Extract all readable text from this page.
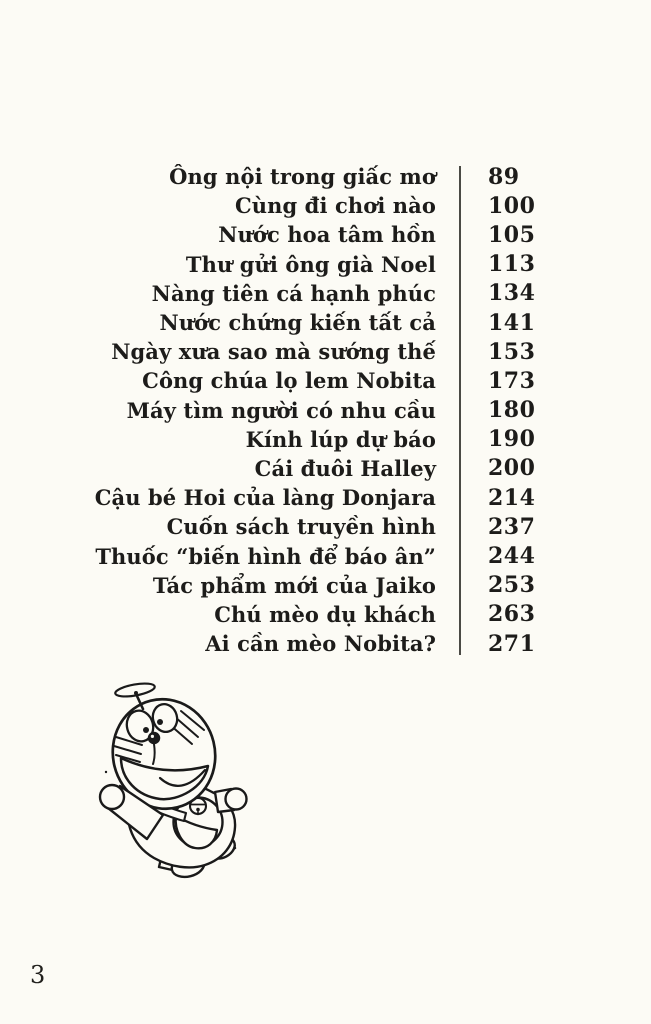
Ông nội trong giấc mơ 89
Cùng đi chơi nào 100
Nước hoa tâm hồn 105
Thư gửi ông già Noel 113
Nàng tiên cá hạnh phúc 134
Nước chứng kiến tất cả 141
Ngày xưa sao mà sướng thế 153
Công chúa lọ lem Nobita 173
Máy tìm người có nhu cầu 180
Kính lúp dự báo 190
Cái đuôi Halley 200
Cậu bé Hoi của làng Donjara 214
Cuốn sách truyền hình 237
Thuốc “biến hình để báo ân” 244
Tác phẩm mới của Jaiko 253
Chú mèo dụ khách 263
Ai cần mèo Nobita? 271
3
